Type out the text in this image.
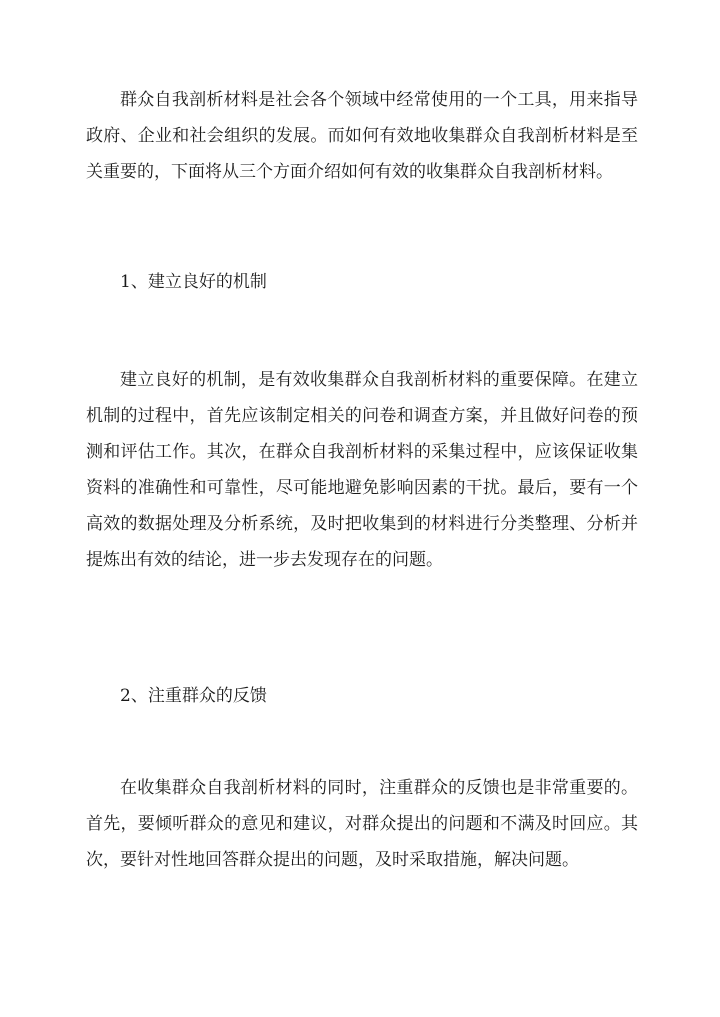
群众自我剖析材料是社会各个领域中经常使用的一个工具，用来指导政府、企业和社会组织的发展。而如何有效地收集群众自我剖析材料是至关重要的，下面将从三个方面介绍如何有效的收集群众自我剖析材料。

1、建立良好的机制

建立良好的机制，是有效收集群众自我剖析材料的重要保障。在建立机制的过程中，首先应该制定相关的问卷和调查方案，并且做好问卷的预测和评估工作。其次，在群众自我剖析材料的采集过程中，应该保证收集资料的准确性和可靠性，尽可能地避免影响因素的干扰。最后，要有一个高效的数据处理及分析系统，及时把收集到的材料进行分类整理、分析并提炼出有效的结论，进一步去发现存在的问题。

2、注重群众的反馈

在收集群众自我剖析材料的同时，注重群众的反馈也是非常重要的。首先，要倾听群众的意见和建议，对群众提出的问题和不满及时回应。其次，要针对性地回答群众提出的问题，及时采取措施，解决问题。
